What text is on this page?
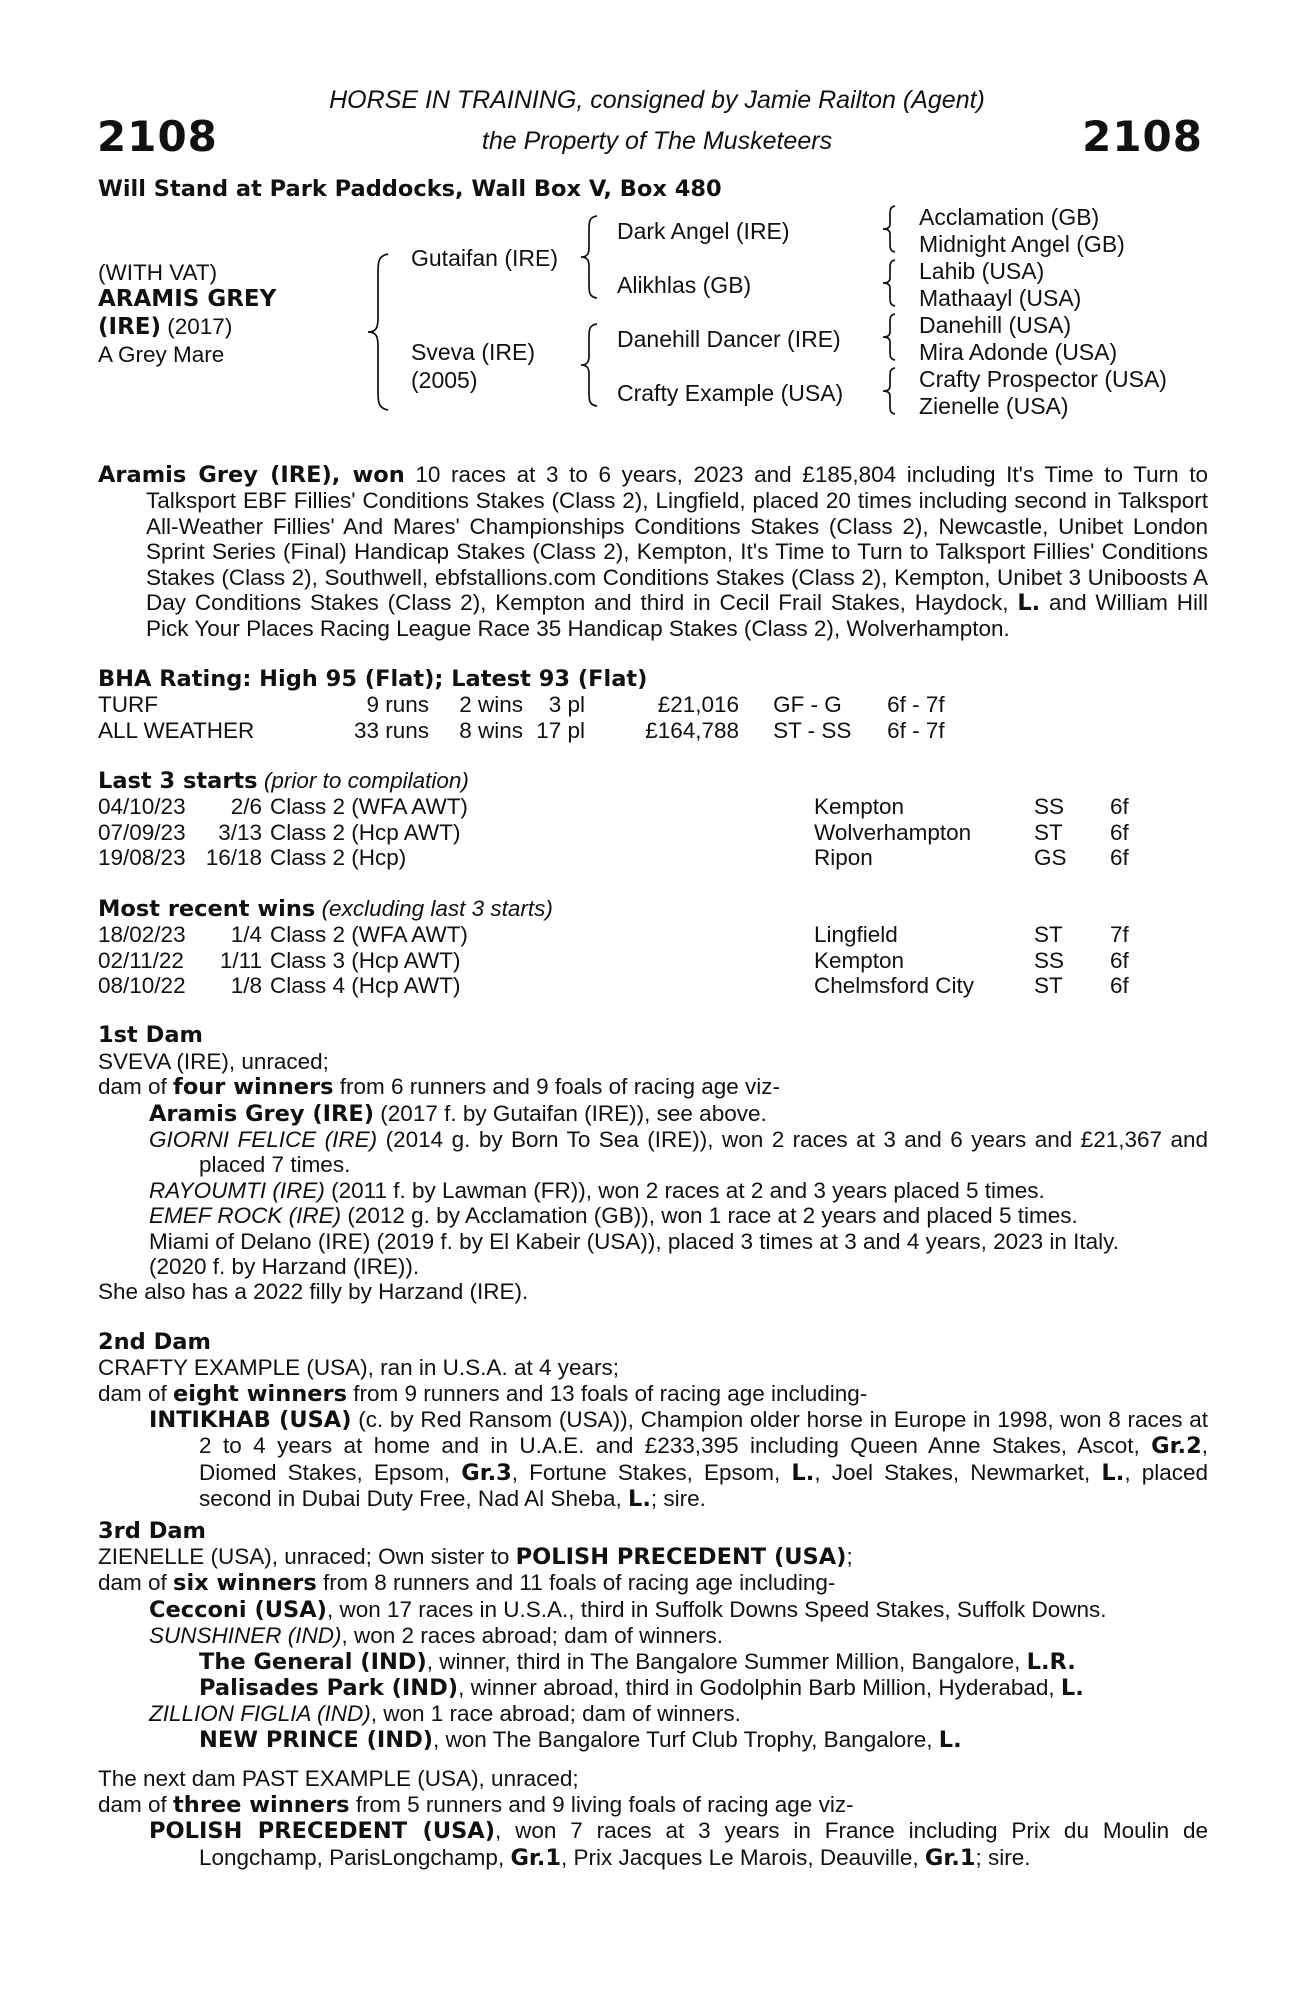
HORSE IN TRAINING, consigned by Jamie Railton (Agent)
the Property of The Musketeers
2108	2108
Will Stand at Park Paddocks, Wall Box V, Box 480
(WITH VAT)
ARAMIS GREY
(IRE) (2017)
A Grey Mare
Gutaifan (IRE)
Sveva (IRE)
(2005)
Dark Angel (IRE)
Alikhlas (GB)
Danehill Dancer (IRE)
Crafty Example (USA)
Acclamation (GB)
Midnight Angel (GB)
Lahib (USA)
Mathaayl (USA)
Danehill (USA)
Mira Adonde (USA)
Crafty Prospector (USA)
Zienelle (USA)

Aramis Grey (IRE), won 10 races at 3 to 6 years, 2023 and £185,804 including It's Time to Turn to Talksport EBF Fillies' Conditions Stakes (Class 2), Lingfield, placed 20 times including second in Talksport All-Weather Fillies' And Mares' Championships Conditions Stakes (Class 2), Newcastle, Unibet London Sprint Series (Final) Handicap Stakes (Class 2), Kempton, It's Time to Turn to Talksport Fillies' Conditions Stakes (Class 2), Southwell, ebfstallions.com Conditions Stakes (Class 2), Kempton, Unibet 3 Uniboosts A Day Conditions Stakes (Class 2), Kempton and third in Cecil Frail Stakes, Haydock, L. and William Hill Pick Your Places Racing League Race 35 Handicap Stakes (Class 2), Wolverhampton.

BHA Rating: High 95 (Flat); Latest 93 (Flat)
TURF	9 runs	2 wins	3 pl	£21,016		GF - G	6f - 7f
ALL WEATHER	33 runs	8 wins	17 pl	£164,788		ST - SS	6f - 7f
Last 3 starts (prior to compilation)
04/10/23	2/6	Class 2 (WFA AWT)	Kempton	SS	6f
07/09/23	3/13	Class 2 (Hcp AWT)	Wolverhampton	ST	6f
19/08/23	16/18	Class 2 (Hcp)	Ripon	GS	6f
Most recent wins (excluding last 3 starts)
18/02/23	1/4	Class 2 (WFA AWT)	Lingfield	ST	7f
02/11/22	1/11	Class 3 (Hcp AWT)	Kempton	SS	6f
08/10/22	1/8	Class 4 (Hcp AWT)	Chelmsford City	ST	6f
1st Dam

SVEVA (IRE), unraced;

dam of four winners from 6 runners and 9 foals of racing age viz-

Aramis Grey (IRE) (2017 f. by Gutaifan (IRE)), see above.

GIORNI FELICE (IRE) (2014 g. by Born To Sea (IRE)), won 2 races at 3 and 6 years and £21,367 and placed 7 times.

RAYOUMTI (IRE) (2011 f. by Lawman (FR)), won 2 races at 2 and 3 years placed 5 times.

EMEF ROCK (IRE) (2012 g. by Acclamation (GB)), won 1 race at 2 years and placed 5 times.

Miami of Delano (IRE) (2019 f. by El Kabeir (USA)), placed 3 times at 3 and 4 years, 2023 in Italy.

(2020 f. by Harzand (IRE)).

She also has a 2022 filly by Harzand (IRE).

2nd Dam

CRAFTY EXAMPLE (USA), ran in U.S.A. at 4 years;

dam of eight winners from 9 runners and 13 foals of racing age including-

INTIKHAB (USA) (c. by Red Ransom (USA)), Champion older horse in Europe in 1998, won 8 races at 2 to 4 years at home and in U.A.E. and £233,395 including Queen Anne Stakes, Ascot, Gr.2, Diomed Stakes, Epsom, Gr.3, Fortune Stakes, Epsom, L., Joel Stakes, Newmarket, L., placed second in Dubai Duty Free, Nad Al Sheba, L.; sire.

3rd Dam

ZIENELLE (USA), unraced; Own sister to POLISH PRECEDENT (USA);

dam of six winners from 8 runners and 11 foals of racing age including-

Cecconi (USA), won 17 races in U.S.A., third in Suffolk Downs Speed Stakes, Suffolk Downs.

SUNSHINER (IND), won 2 races abroad; dam of winners.

The General (IND), winner, third in The Bangalore Summer Million, Bangalore, L.R.

Palisades Park (IND), winner abroad, third in Godolphin Barb Million, Hyderabad, L.

ZILLION FIGLIA (IND), won 1 race abroad; dam of winners.

NEW PRINCE (IND), won The Bangalore Turf Club Trophy, Bangalore, L.

The next dam PAST EXAMPLE (USA), unraced;

dam of three winners from 5 runners and 9 living foals of racing age viz-

POLISH PRECEDENT (USA), won 7 races at 3 years in France including Prix du Moulin de Longchamp, ParisLongchamp, Gr.1, Prix Jacques Le Marois, Deauville, Gr.1; sire.
